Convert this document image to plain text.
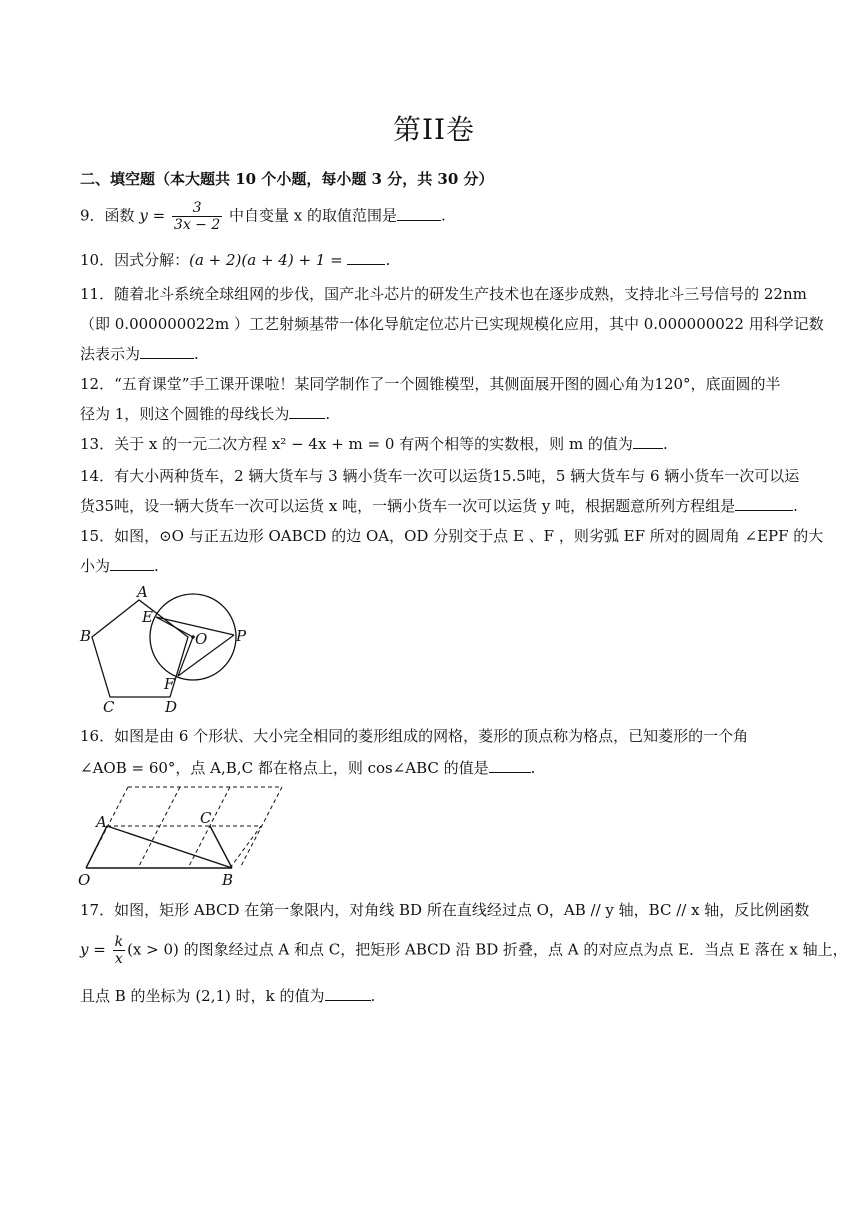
第II卷
二、填空题（本大题共 10 个小题，每小题 3 分，共 30 分）
9．函数 $y = \frac{3}{3x - 2}$ 中自变量 x 的取值范围是	.
10．因式分解：(a + 2)(a + 4) + 1 =	.
11．随着北斗系统全球组网的步伐，国产北斗芯片的研发生产技术也在逐步成熟，支持北斗三号信号的 22nm
（即 0.000000022m ）工艺射频基带一体化导航定位芯片已实现规模化应用，其中 0.000000022 用科学记数
法表示为	.
12．“五育课堂”手工课开课啦！某同学制作了一个圆锥模型，其侧面展开图的圆心角为120°，底面圆的半
径为 1，则这个圆锥的母线长为 .
13．关于 x 的一元二次方程 x² − 4x + m = 0 有两个相等的实数根，则 m 的值为 .
14．有大小两种货车，2 辆大货车与 3 辆小货车一次可以运货15.5吨，5 辆大货车与 6 辆小货车一次可以运
货35吨，设一辆大货车一次可以运货 x 吨，一辆小货车一次可以运货 y 吨，根据题意所列方程组是	.
15．如图，⊙O 与正五边形 OABCD 的边 OA，OD 分别交于点 E 、F ，则劣弧 EF 所对的圆周角 ∠EPF 的大
小为	.
A
E
B	O P
F
C	D
16．如图是由 6 个形状、大小完全相同的菱形组成的网格，菱形的顶点称为格点，已知菱形的一个角
∠AOB = 60°，点 A,B,C 都在格点上，则 cos∠ABC 的值是	.
A	C
O	B
17．如图，矩形 ABCD 在第一象限内，对角线 BD 所在直线经过点 O，AB // y 轴，BC // x 轴，反比例函数
$y = \frac{k}{x} (x > 0)$ 的图象经过点 A 和点 C，把矩形 ABCD 沿 BD 折叠，点 A 的对应点为点 E．当点 E 落在 x 轴上，
且点 B 的坐标为 (2,1) 时，k 的值为	.
